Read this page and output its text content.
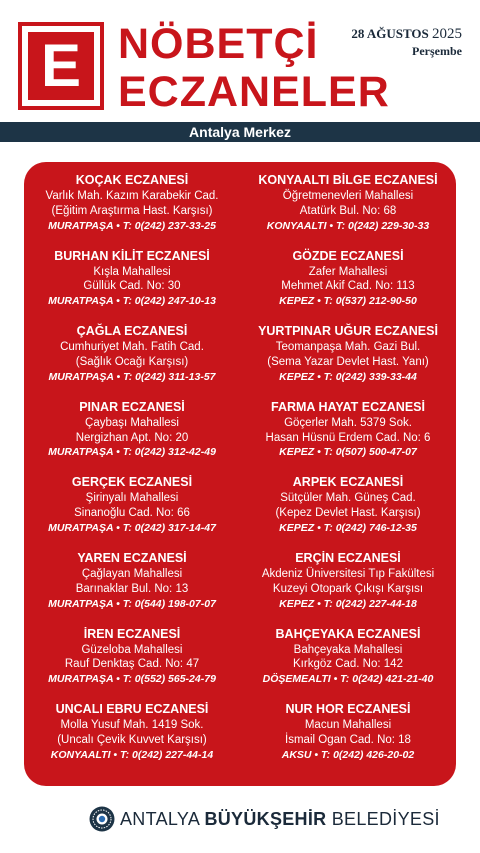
E NÖBETÇİ
ECZANELER
28 AĞUSTOS 2025
Perşembe
Antalya Merkez
KOÇAK ECZANESİ
Varlık Mah. Kazım Karabekir Cad.
(Eğitim Araştırma Hast. Karşısı)
MURATPAŞA • T: 0(242) 237-33-25
BURHAN KİLİT ECZANESİ
Kışla Mahallesi
Güllük Cad. No: 30
MURATPAŞA • T: 0(242) 247-10-13
ÇAĞLA ECZANESİ
Cumhuriyet Mah. Fatih Cad.
(Sağlık Ocağı Karşısı)
MURATPAŞA • T: 0(242) 311-13-57
PINAR ECZANESİ
Çaybaşı Mahallesi
Nergizhan Apt. No: 20
MURATPAŞA • T: 0(242) 312-42-49
GERÇEK ECZANESİ
Şirinyalı Mahallesi
Sinanoğlu Cad. No: 66
MURATPAŞA • T: 0(242) 317-14-47
YAREN ECZANESİ
Çağlayan Mahallesi
Barınaklar Bul. No: 13
MURATPAŞA • T: 0(544) 198-07-07
İREN ECZANESİ
Güzeloba Mahallesi
Rauf Denktaş Cad. No: 47
MURATPAŞA • T: 0(552) 565-24-79
UNCALI EBRU ECZANESİ
Molla Yusuf Mah. 1419 Sok.
(Uncalı Çevik Kuvvet Karşısı)
KONYAALTI • T: 0(242) 227-44-14
KONYAALTI BİLGE ECZANESİ
Öğretmenevleri Mahallesi
Atatürk Bul. No: 68
KONYAALTI • T: 0(242) 229-30-33
GÖZDE ECZANESİ
Zafer Mahallesi
Mehmet Akif Cad. No: 113
KEPEZ • T: 0(537) 212-90-50
YURTPINAR UĞUR ECZANESİ
Teomanpaşa Mah. Gazi Bul.
(Sema Yazar Devlet Hast. Yanı)
KEPEZ • T: 0(242) 339-33-44
FARMA HAYAT ECZANESİ
Göçerler Mah. 5379 Sok.
Hasan Hüsnü Erdem Cad. No: 6
KEPEZ • T: 0(507) 500-47-07
ARPEK ECZANESİ
Sütçüler Mah. Güneş Cad.
(Kepez Devlet Hast. Karşısı)
KEPEZ • T: 0(242) 746-12-35
ERÇİN ECZANESİ
Akdeniz Üniversitesi Tıp Fakültesi
Kuzeyi Otopark Çıkışı Karşısı
KEPEZ • T: 0(242) 227-44-18
BAHÇEYAKA ECZANESİ
Bahçeyaka Mahallesi
Kırkgöz Cad. No: 142
DÖŞEMEALTI • T: 0(242) 421-21-40
NUR HOR ECZANESİ
Macun Mahallesi
İsmail Ogan Cad. No: 18
AKSU • T: 0(242) 426-20-02
ANTALYA BÜYÜKŞEHİR BELEDİYESİ
